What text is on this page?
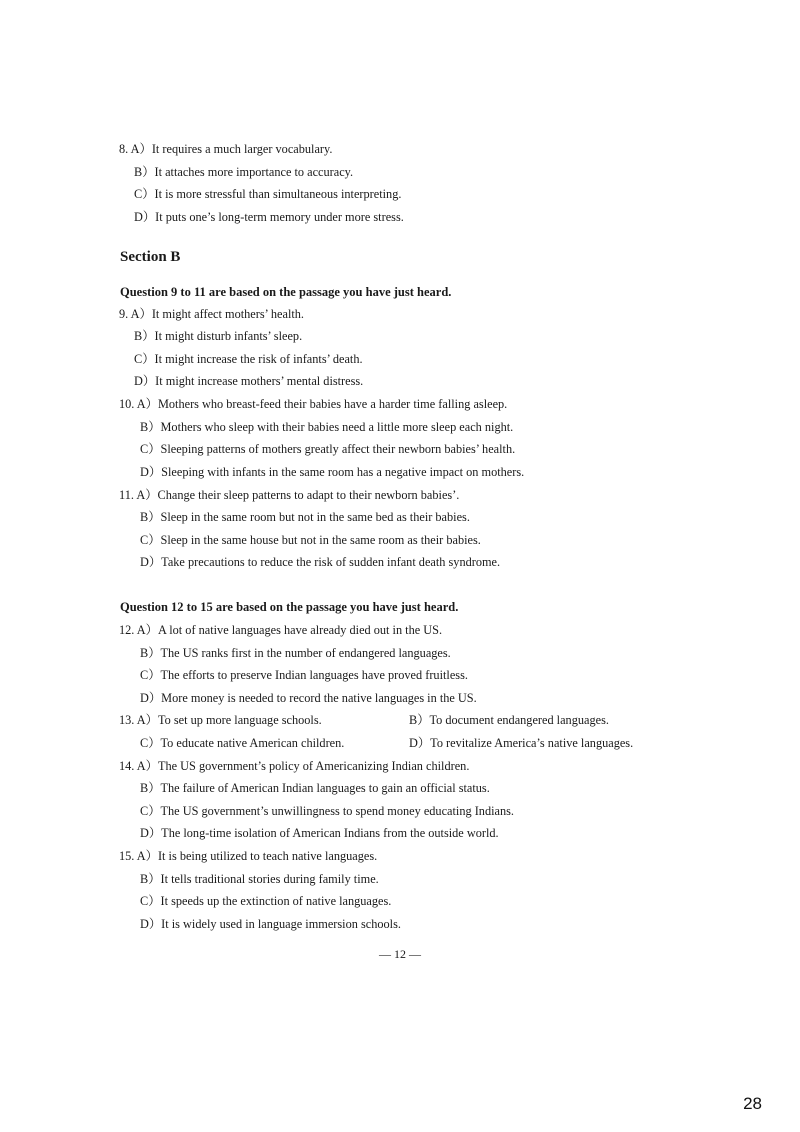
8. A）It requires a much larger vocabulary.
B）It attaches more importance to accuracy.
C）It is more stressful than simultaneous interpreting.
D）It puts one’s long-term memory under more stress.
Section B
Question 9 to 11 are based on the passage you have just heard.
9. A）It might affect mothers’ health.
B）It might disturb infants’ sleep.
C）It might increase the risk of infants’ death.
D）It might increase mothers’ mental distress.
10. A）Mothers who breast-feed their babies have a harder time falling asleep.
B）Mothers who sleep with their babies need a little more sleep each night.
C）Sleeping patterns of mothers greatly affect their newborn babies’ health.
D）Sleeping with infants in the same room has a negative impact on mothers.
11. A）Change their sleep patterns to adapt to their newborn babies’.
B）Sleep in the same room but not in the same bed as their babies.
C）Sleep in the same house but not in the same room as their babies.
D）Take precautions to reduce the risk of sudden infant death syndrome.
Question 12 to 15 are based on the passage you have just heard.
12. A）A lot of native languages have already died out in the US.
B）The US ranks first in the number of endangered languages.
C）The efforts to preserve Indian languages have proved fruitless.
D）More money is needed to record the native languages in the US.
13. A）To set up more language schools.	B）To document endangered languages.
C）To educate native American children.	D）To revitalize America’s native languages.
14. A）The US government’s policy of Americanizing Indian children.
B）The failure of American Indian languages to gain an official status.
C）The US government’s unwillingness to spend money educating Indians.
D）The long-time isolation of American Indians from the outside world.
15. A）It is being utilized to teach native languages.
B）It tells traditional stories during family time.
C）It speeds up the extinction of native languages.
D）It is widely used in language immersion schools.
— 12 —
28
